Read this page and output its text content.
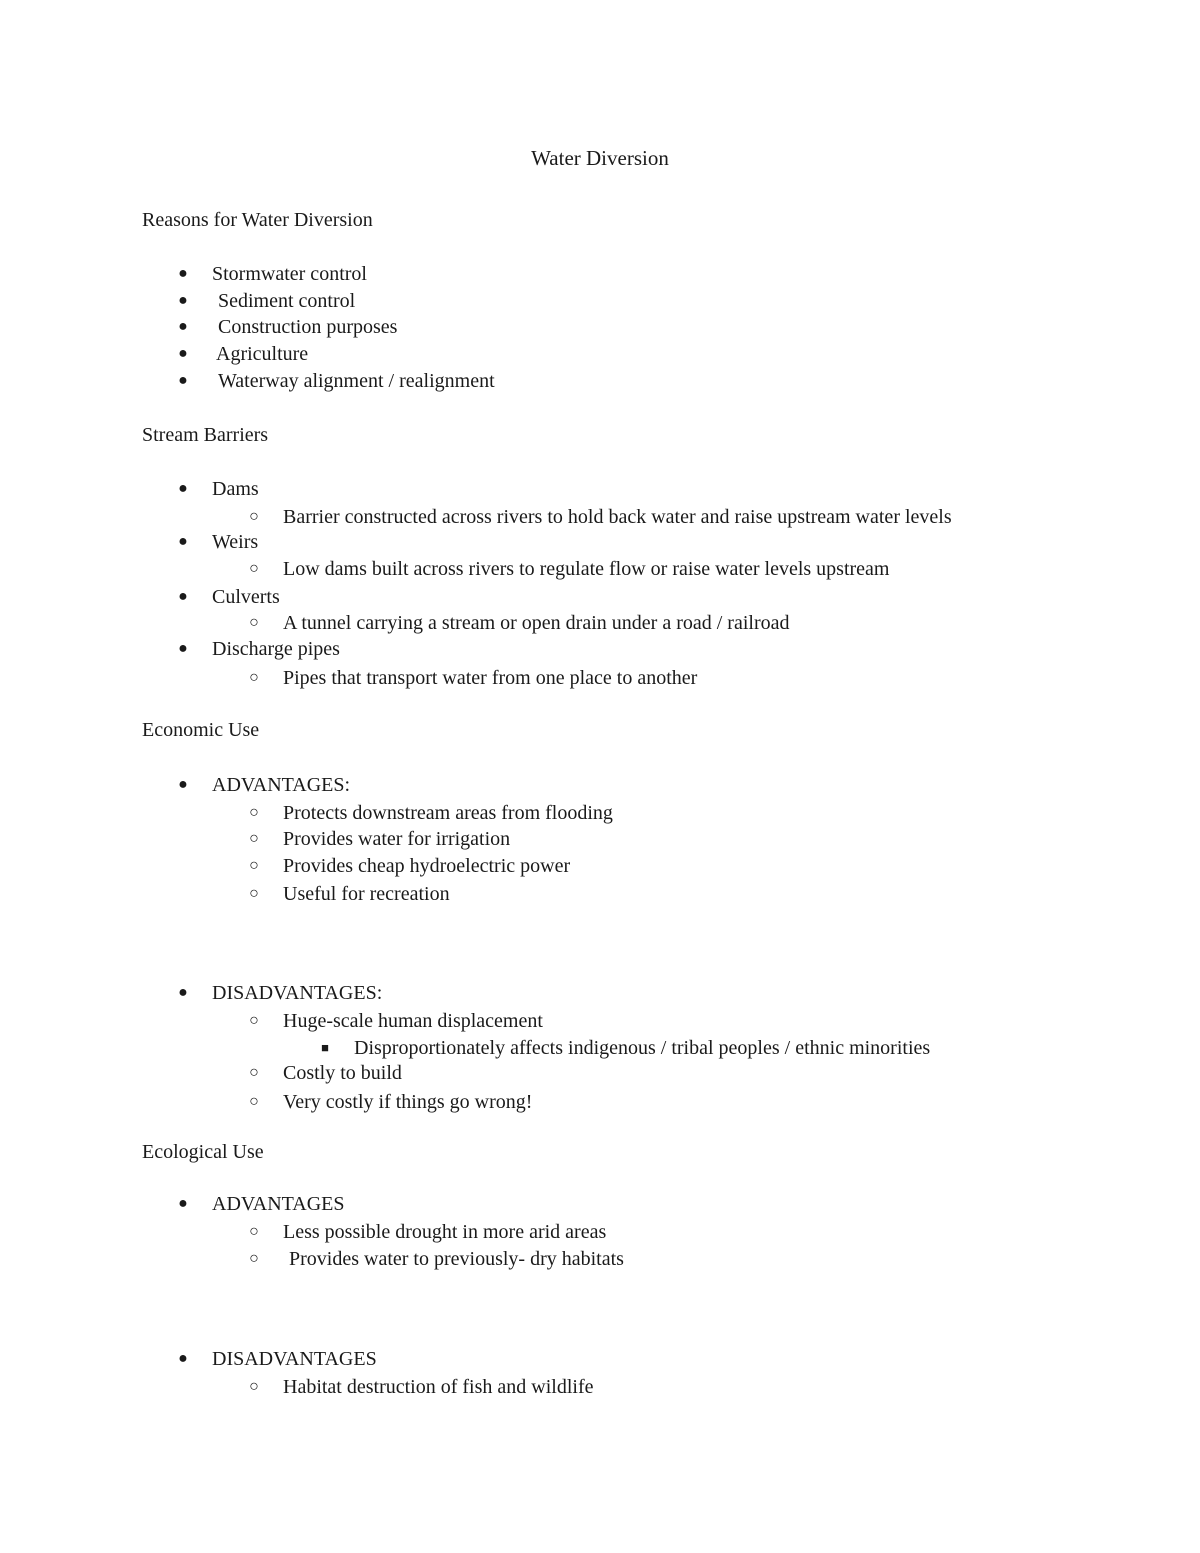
Water Diversion
Reasons for Water Diversion
●
Stormwater control
●
Sediment control
●
Construction purposes
●
Agriculture
●
Waterway alignment / realignment
Stream Barriers
●
Dams
○
Barrier constructed across rivers to hold back water and raise upstream water levels
●
Weirs
○
Low dams built across rivers to regulate flow or raise water levels upstream
●
Culverts
○
A tunnel carrying a stream or open drain under a road / railroad
●
Discharge pipes
○
Pipes that transport water from one place to another
Economic Use
●
ADVANTAGES:
○
Protects downstream areas from flooding
○
Provides water for irrigation
○
Provides cheap hydroelectric power
○
Useful for recreation
●
DISADVANTAGES:
○
Huge-scale human displacement
■
Disproportionately affects indigenous / tribal peoples / ethnic minorities
○
Costly to build
○
Very costly if things go wrong!
Ecological Use
●
ADVANTAGES
○
Less possible drought in more arid areas
○
Provides water to previously- dry habitats
●
DISADVANTAGES
○
Habitat destruction of fish and wildlife
